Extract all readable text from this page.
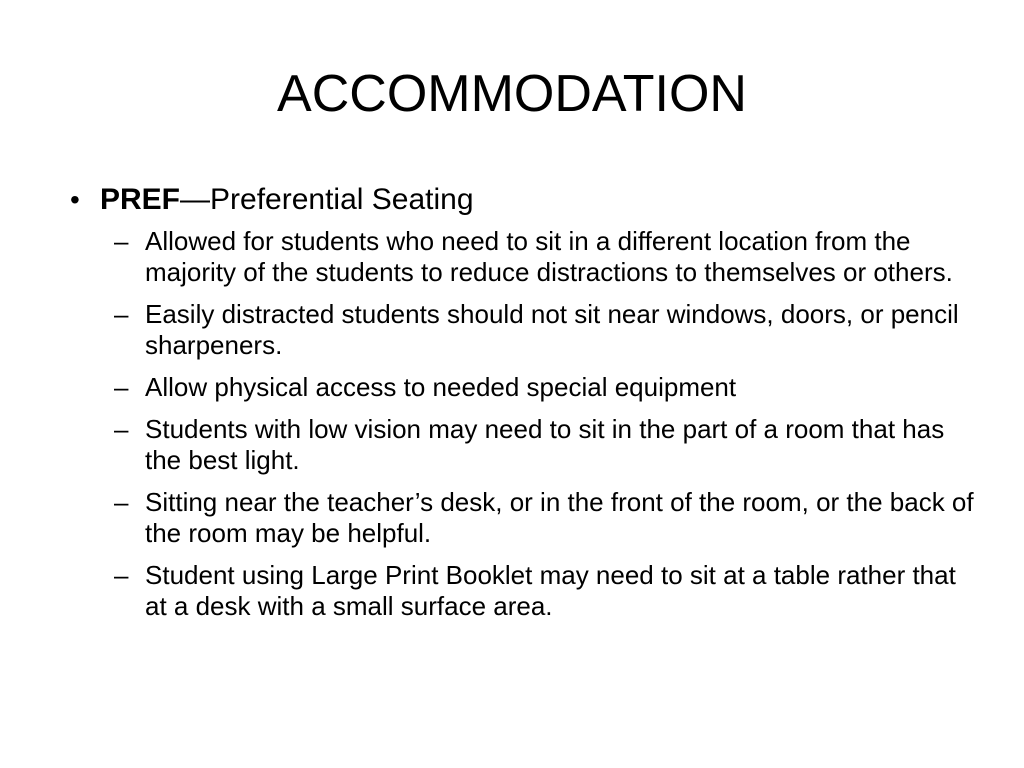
ACCOMMODATION
• PREF—Preferential Seating
– Allowed for students who need to sit in a different location from the majority of the students to reduce distractions to themselves or others.
– Easily distracted students should not sit near windows, doors, or pencil sharpeners.
– Allow physical access to needed special equipment
– Students with low vision may need to sit in the part of a room that has the best light.
– Sitting near the teacher’s desk, or in the front of the room, or the back of the room may be helpful.
– Student using Large Print Booklet may need to sit at a table rather that at a desk with a small surface area.
